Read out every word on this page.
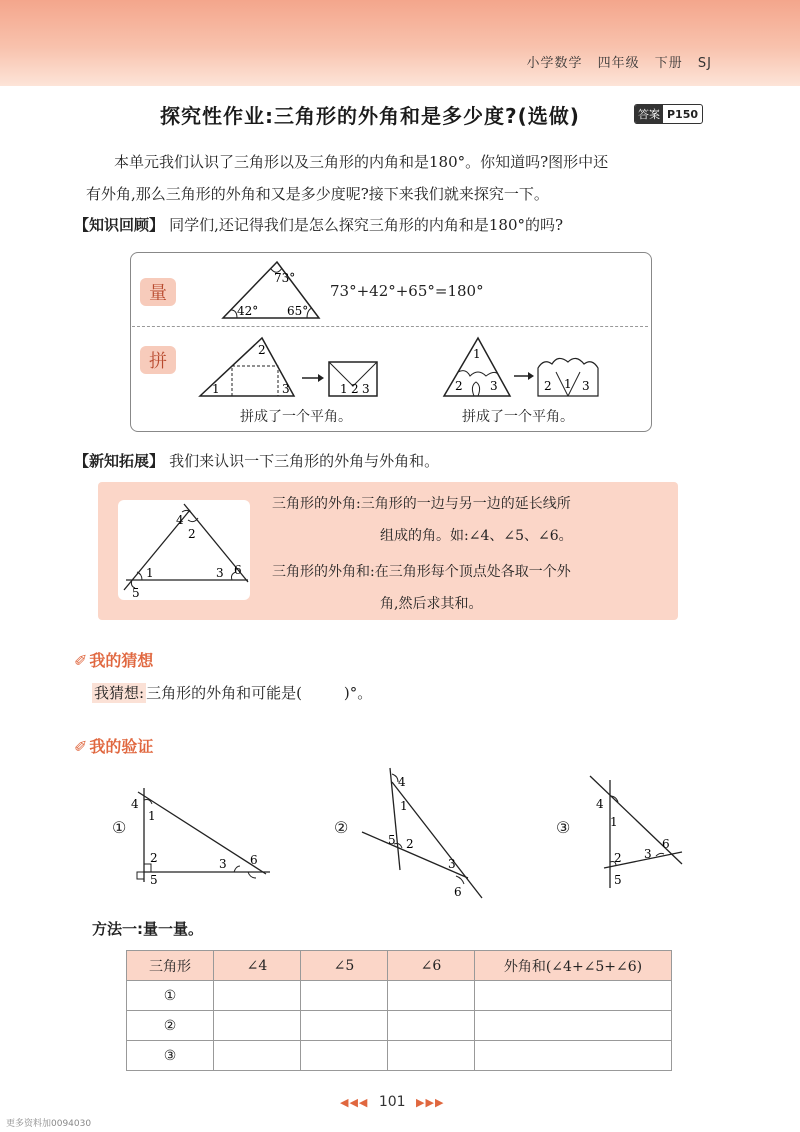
小学数学 四年级 下册 SJ
探究性作业:三角形的外角和是多少度?(选做)	答案 P150

本单元我们认识了三角形以及三角形的内角和是180°。你知道吗?图形中还

有外角,那么三角形的外角和又是多少度呢?接下来我们就来探究一下。

【知识回顾】 同学们,还记得我们是怎么探究三角形的内角和是180°的吗?
量
拼
73°
42° 65°
73°+42°+65°=180°
2
1	3	1 2 3
1
2 3	2 1 3
拼成了一个平角。	拼成了一个平角。
【新知拓展】 我们来认识一下三角形的外角与外角和。
4
2
1
5
3 6
三角形的外角:三角形的一边与另一边的延长线所
组成的角。如:∠4、∠5、∠6。
三角形的外角和:在三角形每个顶点处各取一个外
角,然后求其和。
✐ 我的猜想
我猜想: 三角形的外角和可能是(	)°。
✐ 我的验证
4
1
2
5
3 6
①
4
1
5 2
3
6
②
4
1
2
5
3
6
③
方法一:量一量。
三角形	∠4	∠5	∠6	外角和(∠4+∠5+∠6)
①				
②				
③				
◀◀◀ 101 ▶▶▶
更多资料加0094030
